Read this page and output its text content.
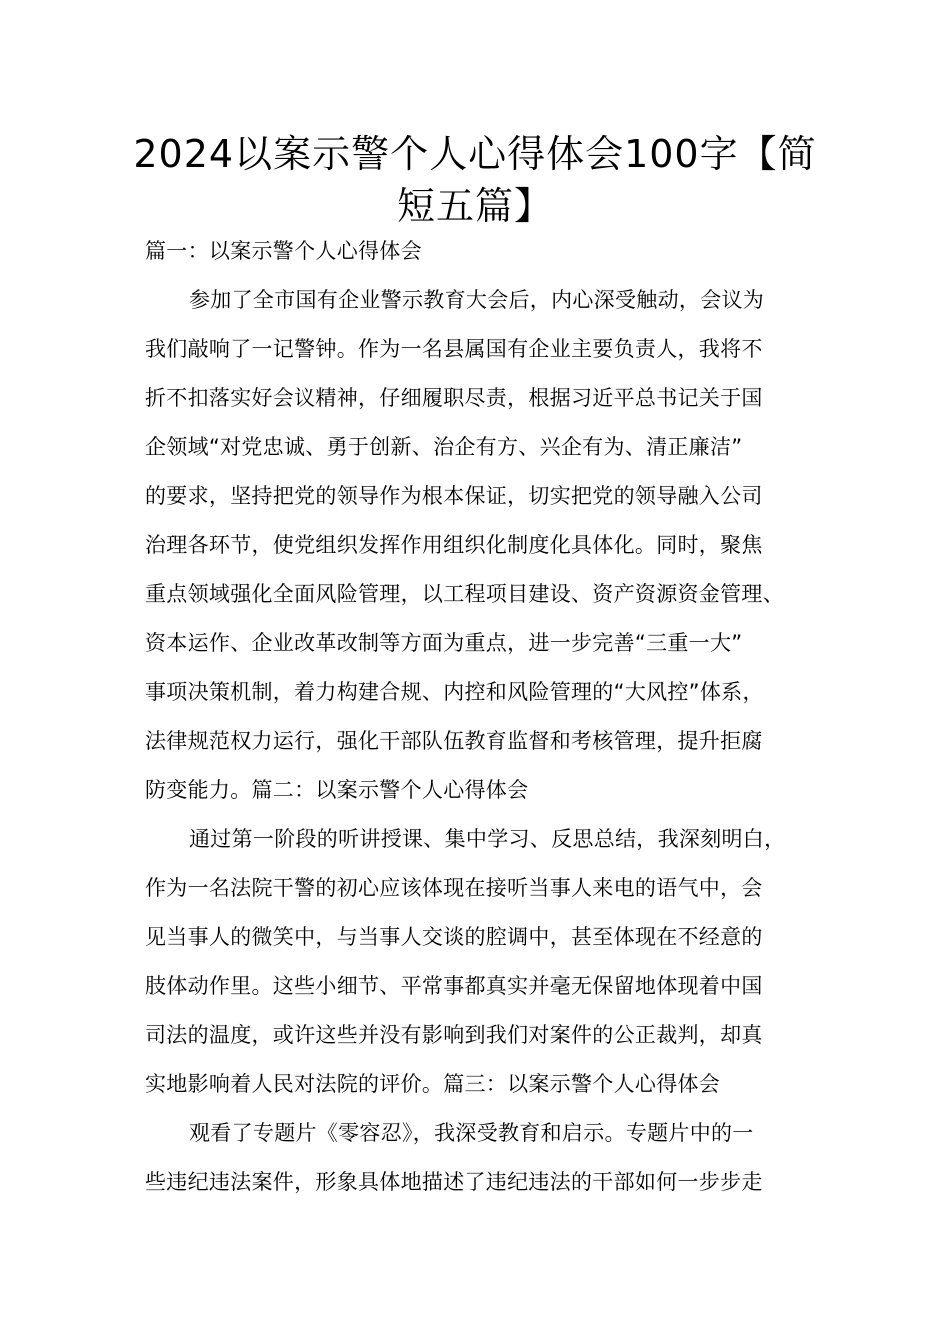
2024以案示警个人心得体会100字【简
短五篇】
篇一：以案示警个人心得体会
参加了全市国有企业警示教育大会后，内心深受触动，会议为
我们敲响了一记警钟。作为一名县属国有企业主要负责人，我将不
折不扣落实好会议精神，仔细履职尽责，根据习近平总书记关于国
企领域“对党忠诚、勇于创新、治企有方、兴企有为、清正廉洁”
的要求，坚持把党的领导作为根本保证，切实把党的领导融入公司
治理各环节，使党组织发挥作用组织化制度化具体化。同时，聚焦
重点领域强化全面风险管理，以工程项目建设、资产资源资金管理、
资本运作、企业改革改制等方面为重点，进一步完善“三重一大”
事项决策机制，着力构建合规、内控和风险管理的“大风控”体系，
法律规范权力运行，强化干部队伍教育监督和考核管理，提升拒腐
防变能力。篇二：以案示警个人心得体会
通过第一阶段的听讲授课、集中学习、反思总结，我深刻明白，
作为一名法院干警的初心应该体现在接听当事人来电的语气中，会
见当事人的微笑中，与当事人交谈的腔调中，甚至体现在不经意的
肢体动作里。这些小细节、平常事都真实并毫无保留地体现着中国
司法的温度，或许这些并没有影响到我们对案件的公正裁判，却真
实地影响着人民对法院的评价。篇三：以案示警个人心得体会
观看了专题片《零容忍》，我深受教育和启示。专题片中的一
些违纪违法案件，形象具体地描述了违纪违法的干部如何一步步走
